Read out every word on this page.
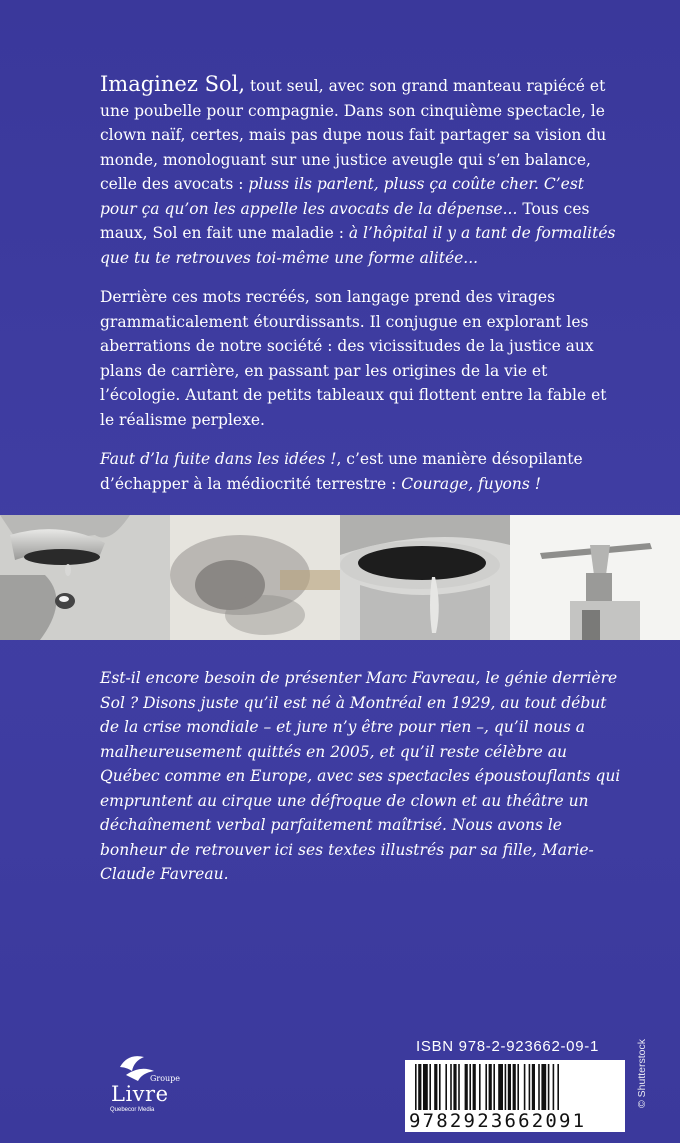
Imaginez Sol, tout seul, avec son grand manteau rapiécé et une poubelle pour compagnie. Dans son cinquième spectacle, le clown naïf, certes, mais pas dupe nous fait partager sa vision du monde, monologuant sur une justice aveugle qui s’en balance, celle des avocats : pluss ils parlent, pluss ça coûte cher. C’est pour ça qu’on les appelle les avocats de la dépense... Tous ces maux, Sol en fait une maladie : à l’hôpital il y a tant de formalités que tu te retrouves toi-même une forme alitée...

Derrière ces mots recréés, son langage prend des virages grammaticalement étourdissants. Il conjugue en explorant les aberrations de notre société : des vicissitudes de la justice aux plans de carrière, en passant par les origines de la vie et l’écologie. Autant de petits tableaux qui flottent entre la fable et le réalisme perplexe.

Faut d’la fuite dans les idées !, c’est une manière désopilante d’échapper à la médiocrité terrestre : Courage, fuyons !

Est-il encore besoin de présenter Marc Favreau, le génie derrière Sol ? Disons juste qu’il est né à Montréal en 1929, au tout début de la crise mondiale – et jure n’y être pour rien –, qu’il nous a malheureusement quittés en 2005, et qu’il reste célèbre au Québec comme en Europe, avec ses spectacles époustouflants qui empruntent au cirque une défroque de clown et au théâtre un déchaînement verbal parfaitement maîtrisé. Nous avons le bonheur de retrouver ici ses textes illustrés par sa fille, Marie-Claude Favreau.
Groupe
Livre
Quebecor Media
ISBN 978-2-923662-09-1
9782923662091
© Shutterstock
